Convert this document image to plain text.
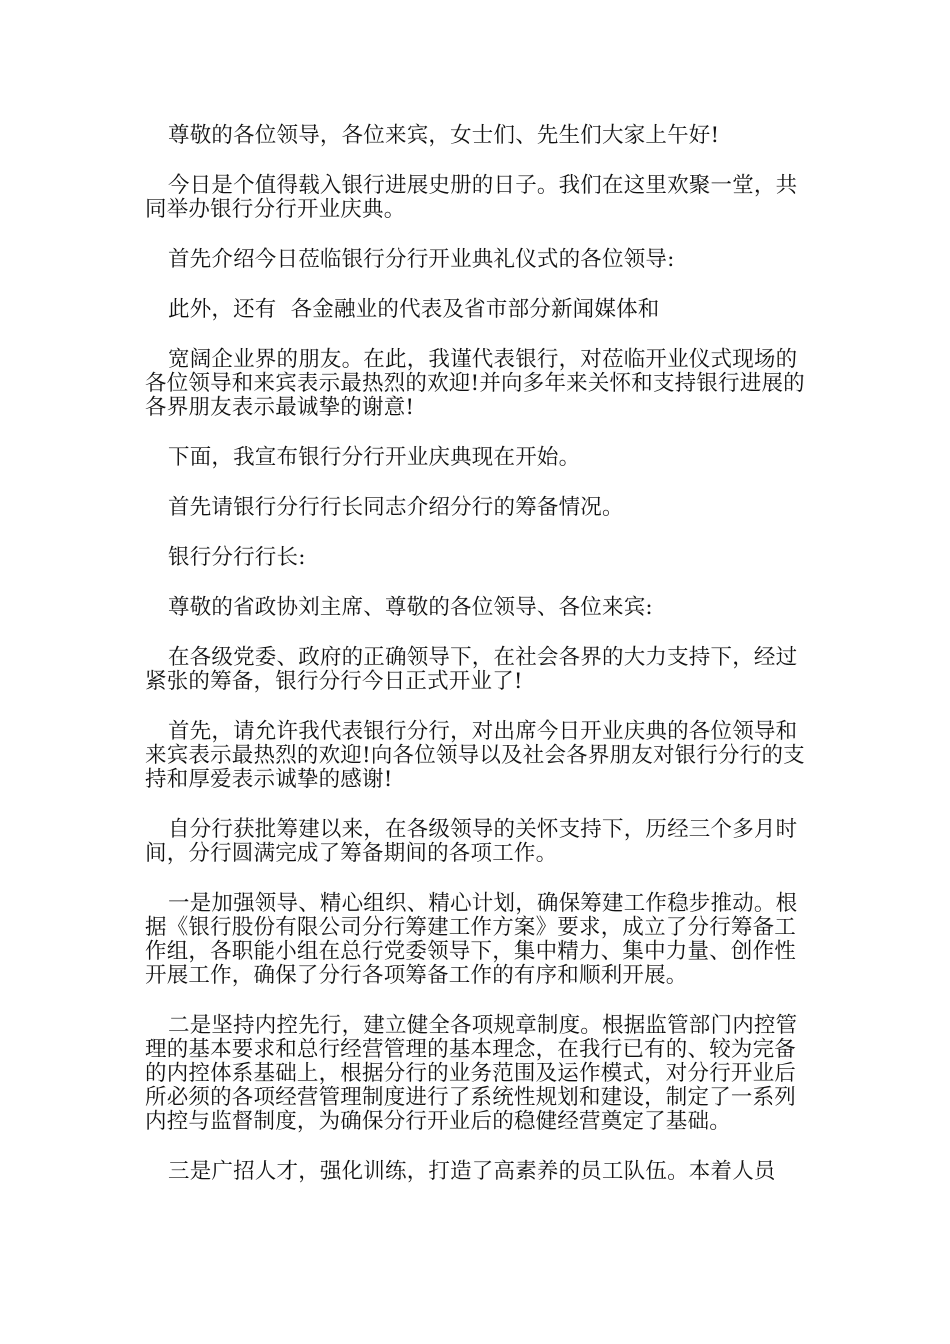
尊敬的各位领导，各位来宾，女士们、先生们大家上午好!

今日是个值得载入银行进展史册的日子。我们在这里欢聚一堂，共同举办银行分行开业庆典。

首先介绍今日莅临银行分行开业典礼仪式的各位领导:

此外，还有  各金融业的代表及省市部分新闻媒体和

宽阔企业界的朋友。在此，我谨代表银行，对莅临开业仪式现场的各位领导和来宾表示最热烈的欢迎!并向多年来关怀和支持银行进展的各界朋友表示最诚挚的谢意!

下面，我宣布银行分行开业庆典现在开始。

首先请银行分行行长同志介绍分行的筹备情况。

银行分行行长:

尊敬的省政协刘主席、尊敬的各位领导、各位来宾:

在各级党委、政府的正确领导下，在社会各界的大力支持下，经过紧张的筹备，银行分行今日正式开业了!

首先，请允许我代表银行分行，对出席今日开业庆典的各位领导和来宾表示最热烈的欢迎!向各位领导以及社会各界朋友对银行分行的支持和厚爱表示诚挚的感谢!

自分行获批筹建以来，在各级领导的关怀支持下，历经三个多月时间，分行圆满完成了筹备期间的各项工作。

一是加强领导、精心组织、精心计划，确保筹建工作稳步推动。根据《银行股份有限公司分行筹建工作方案》要求，成立了分行筹备工作组，各职能小组在总行党委领导下，集中精力、集中力量、创作性开展工作，确保了分行各项筹备工作的有序和顺利开展。

二是坚持内控先行，建立健全各项规章制度。根据监管部门内控管理的基本要求和总行经营管理的基本理念，在我行已有的、较为完备的内控体系基础上，根据分行的业务范围及运作模式，对分行开业后所必须的各项经营管理制度进行了系统性规划和建设，制定了一系列内控与监督制度，为确保分行开业后的稳健经营奠定了基础。

三是广招人才，强化训练，打造了高素养的员工队伍。本着人员
